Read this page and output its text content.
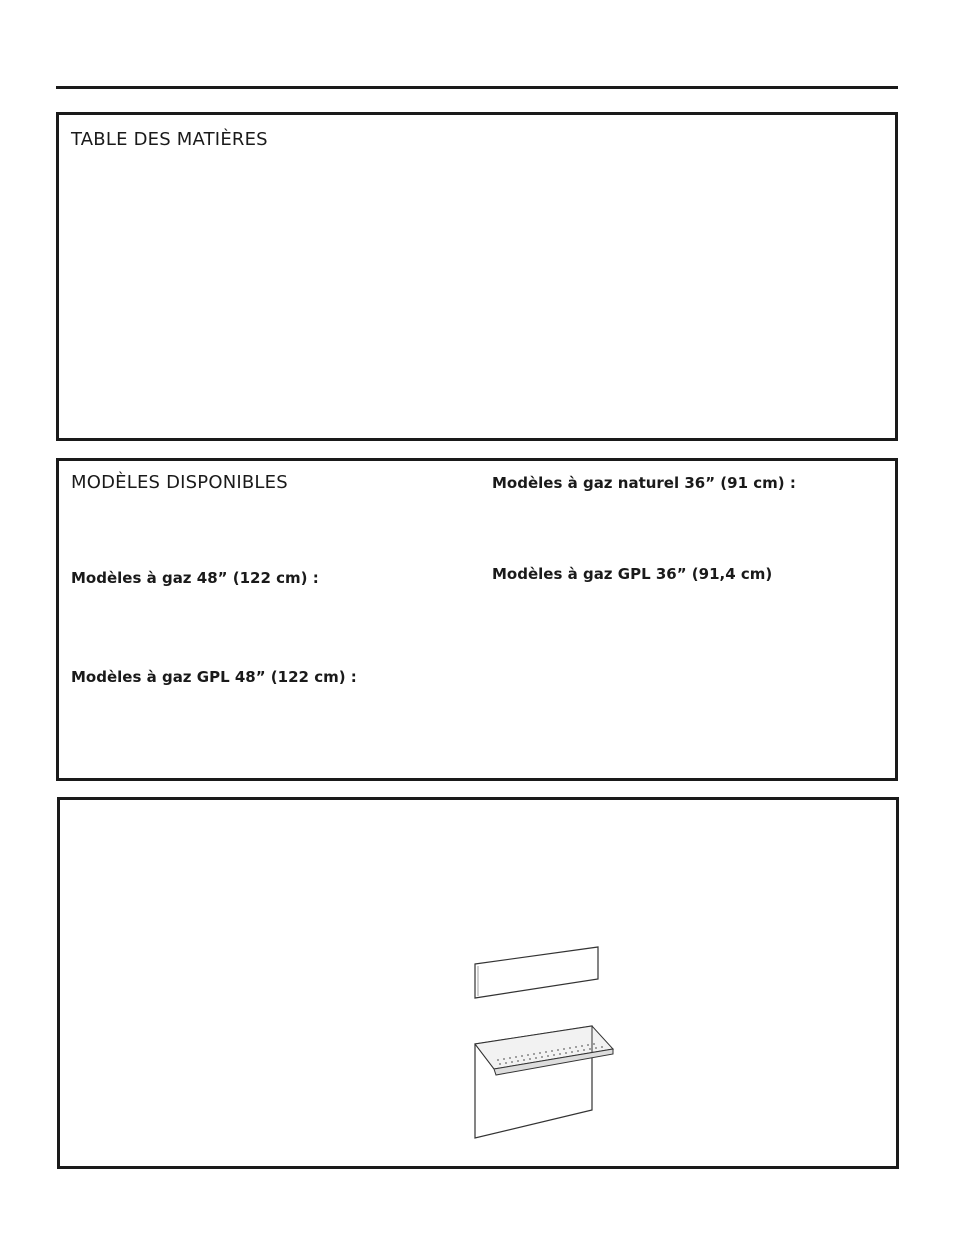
TABLE DES MATIÈRES
MODÈLES DISPONIBLES
Modèles à gaz 48” (122 cm) :
Modèles à gaz GPL 48” (122 cm) :
Modèles à gaz naturel 36” (91 cm) :
Modèles à gaz GPL 36” (91,4 cm)
